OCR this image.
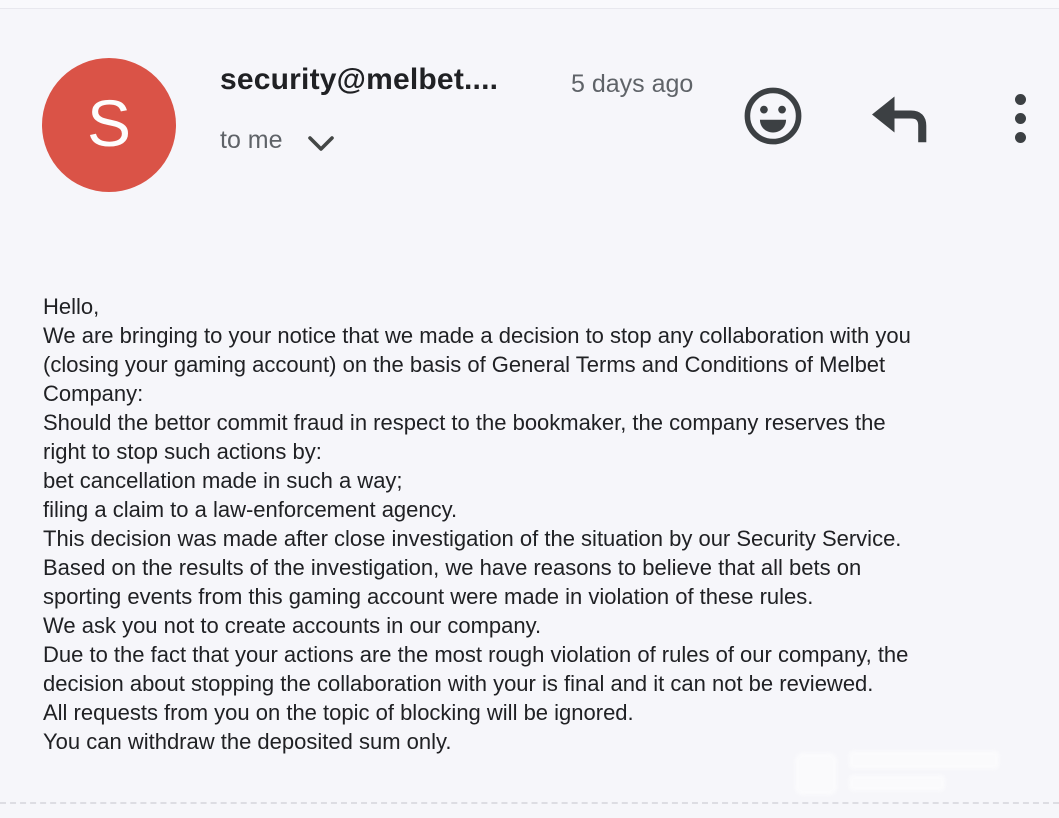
S
security@melbet....	5 days ago
to me
Hello,
We are bringing to your notice that we made a decision to stop any collaboration with you
(closing your gaming account) on the basis of General Terms and Conditions of Melbet
Company:
Should the bettor commit fraud in respect to the bookmaker, the company reserves the
right to stop such actions by:
bet cancellation made in such a way;
filing a claim to a law-enforcement agency.
This decision was made after close investigation of the situation by our Security Service.
Based on the results of the investigation, we have reasons to believe that all bets on
sporting events from this gaming account were made in violation of these rules.
We ask you not to create accounts in our company.
Due to the fact that your actions are the most rough violation of rules of our company, the
decision about stopping the collaboration with your is final and it can not be reviewed.
All requests from you on the topic of blocking will be ignored.
You can withdraw the deposited sum only.
